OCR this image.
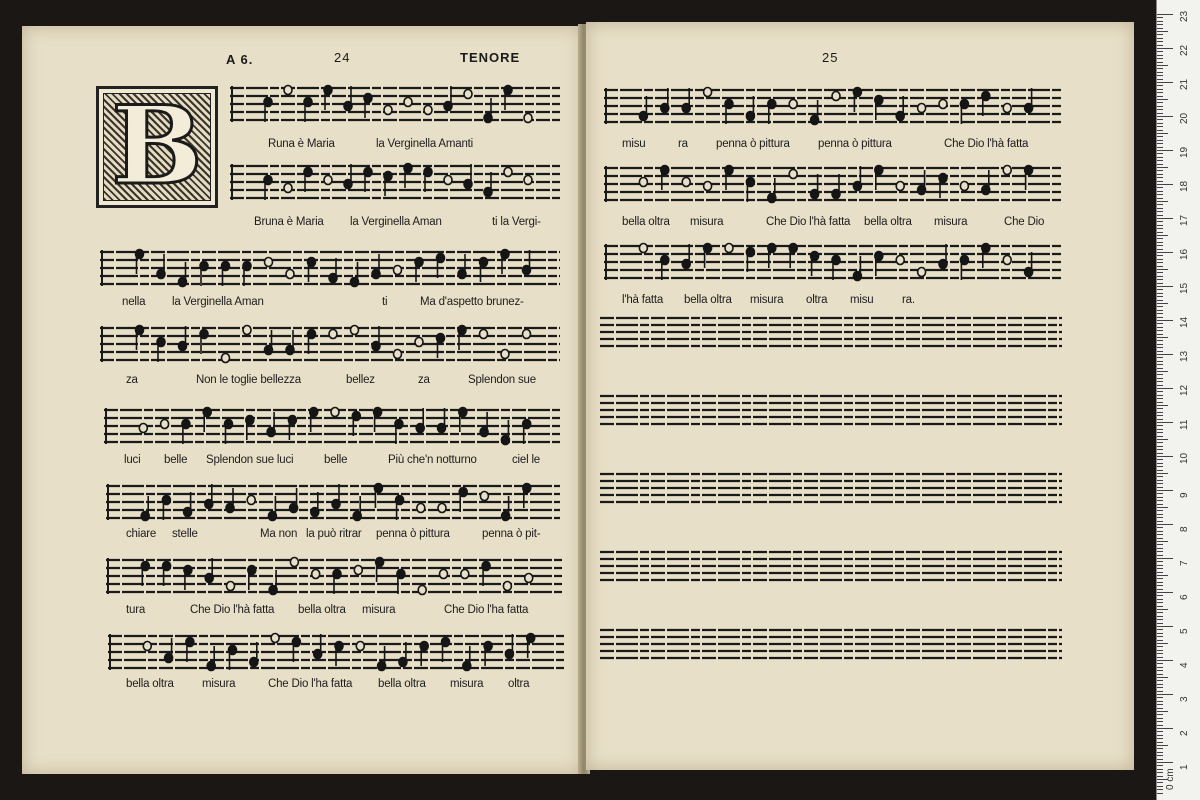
A 6.	24	TENORE
B	Runa è Maria	la Verginella Amanti
Bruna è Maria la Verginella Aman	ti la Vergi-
nella la Verginella Aman	ti	Ma d'aspetto brunez-
za	Non le toglie bellezza	bellez	za	Splendon sue
luci belle Splendon sue luci	belle	Più che'n notturno	ciel le
chiare stelle	Ma non la può ritrar penna ò pittura	penna ò pit-
tura	Che Dio l'hà fatta bella oltra misura	Che Dio l'ha fatta
bella oltra misura	Che Dio l'ha fatta bella oltra misura oltra
25
misu	ra penna ò pittura penna ò pittura	Che Dio l'hà fatta
bella oltra misura	Che Dio l'hà fatta bella oltra misura	Che Dio
l'hà fatta bella oltra misura oltra misu ra.
23
22
21
20
19
18
17
16
15
14
13
12
11
10
9
8
7
6
5
4
3
2
1
0 cm
